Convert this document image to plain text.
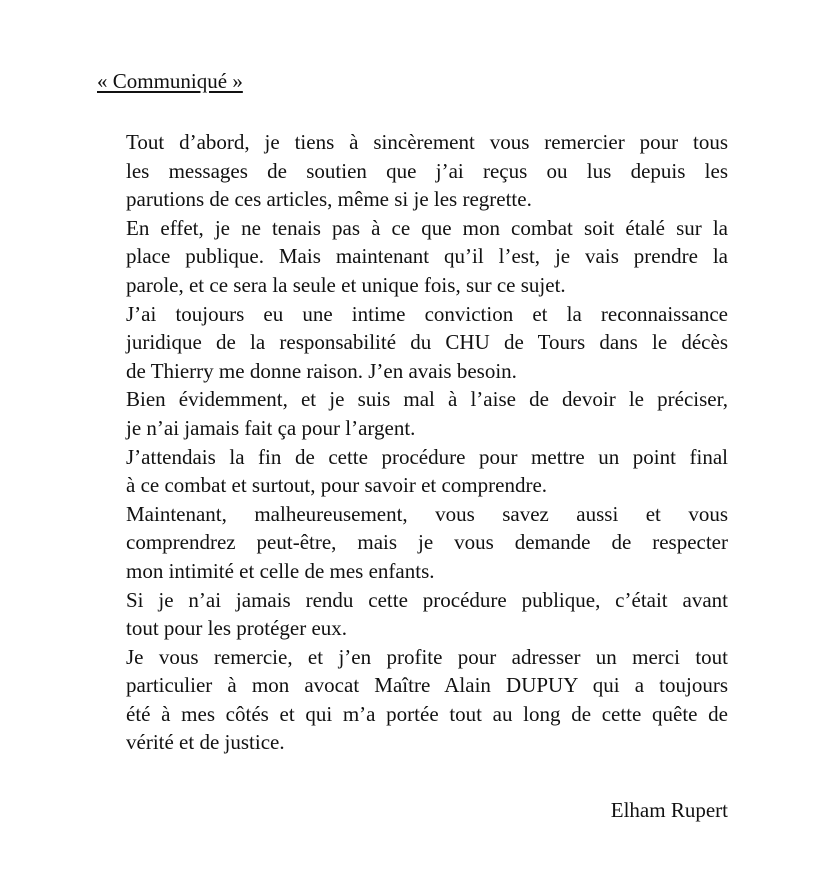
« Communiqué »
Tout d’abord, je tiens à sincèrement vous remercier pour tous
les messages de soutien que j’ai reçus ou lus depuis les
parutions de ces articles, même si je les regrette.
En effet, je ne tenais pas à ce que mon combat soit étalé sur la
place publique. Mais maintenant qu’il l’est, je vais prendre la
parole, et ce sera la seule et unique fois, sur ce sujet.
J’ai toujours eu une intime conviction et la reconnaissance
juridique de la responsabilité du CHU de Tours dans le décès
de Thierry me donne raison. J’en avais besoin.
Bien évidemment, et je suis mal à l’aise de devoir le préciser,
je n’ai jamais fait ça pour l’argent.
J’attendais la fin de cette procédure pour mettre un point final
à ce combat et surtout, pour savoir et comprendre.
Maintenant, malheureusement, vous savez aussi et vous
comprendrez peut-être, mais je vous demande de respecter
mon intimité et celle de mes enfants.
Si je n’ai jamais rendu cette procédure publique, c’était avant
tout pour les protéger eux.
Je vous remercie, et j’en profite pour adresser un merci tout
particulier à mon avocat Maître Alain DUPUY qui a toujours
été à mes côtés et qui m’a portée tout au long de cette quête de
vérité et de justice.
Elham Rupert
